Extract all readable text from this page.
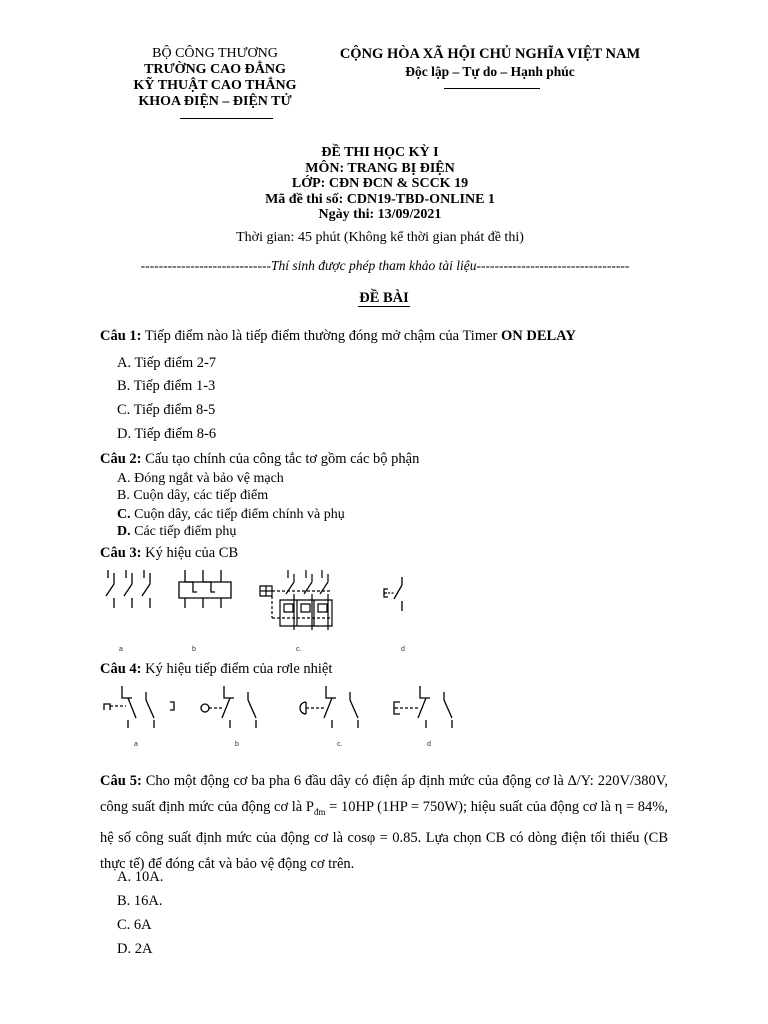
BỘ CÔNG THƯƠNG
TRƯỜNG CAO ĐẲNG
KỸ THUẬT CAO THẮNG
KHOA ĐIỆN – ĐIỆN TỬ
CỘNG HÒA XÃ HỘI CHỦ NGHĨA VIỆT NAM
Độc lập – Tự do – Hạnh phúc
ĐỀ THI HỌC KỲ I
MÔN: TRANG BỊ ĐIỆN
LỚP: CĐN ĐCN & SCCK 19
Mã đề thi số: CDN19-TBD-ONLINE 1
Ngày thi: 13/09/2021
Thời gian: 45 phút (Không kể thời gian phát đề thi)
-----------------------------Thí sinh được phép tham khảo tài liệu----------------------------------
ĐỀ BÀI
Câu 1: Tiếp điểm nào là tiếp điểm thường đóng mở chậm của Timer ON DELAY
A. Tiếp điểm 2-7
B. Tiếp điểm 1-3
C. Tiếp điểm 8-5
D. Tiếp điểm 8-6
Câu 2: Cấu tạo chính của công tắc tơ gồm các bộ phận
A. Đóng ngắt và bảo vệ mạch
B. Cuộn dây, các tiếp điểm
C. Cuộn dây, các tiếp điểm chính và phụ
D. Các tiếp điểm phụ
Câu 3: Ký hiệu của CB
a	b	c.	d
Câu 4: Ký hiệu tiếp điểm của rơle nhiệt
a	b	c.	d
Câu 5: Cho một động cơ ba pha 6 đầu dây có điện áp định mức của động cơ là ∆/Y: 220V/380V, công suất định mức của động cơ là $P_{đm} = 10HP$ (1HP = 750W); hiệu suất của động cơ là η = 84%, hệ số công suất định mức của động cơ là cosφ = 0.85. Lựa chọn CB có dòng điện tối thiểu (CB thực tế) để đóng cắt và bảo vệ động cơ trên.
A. 10A.
B. 16A.
C. 6A
D. 2A
